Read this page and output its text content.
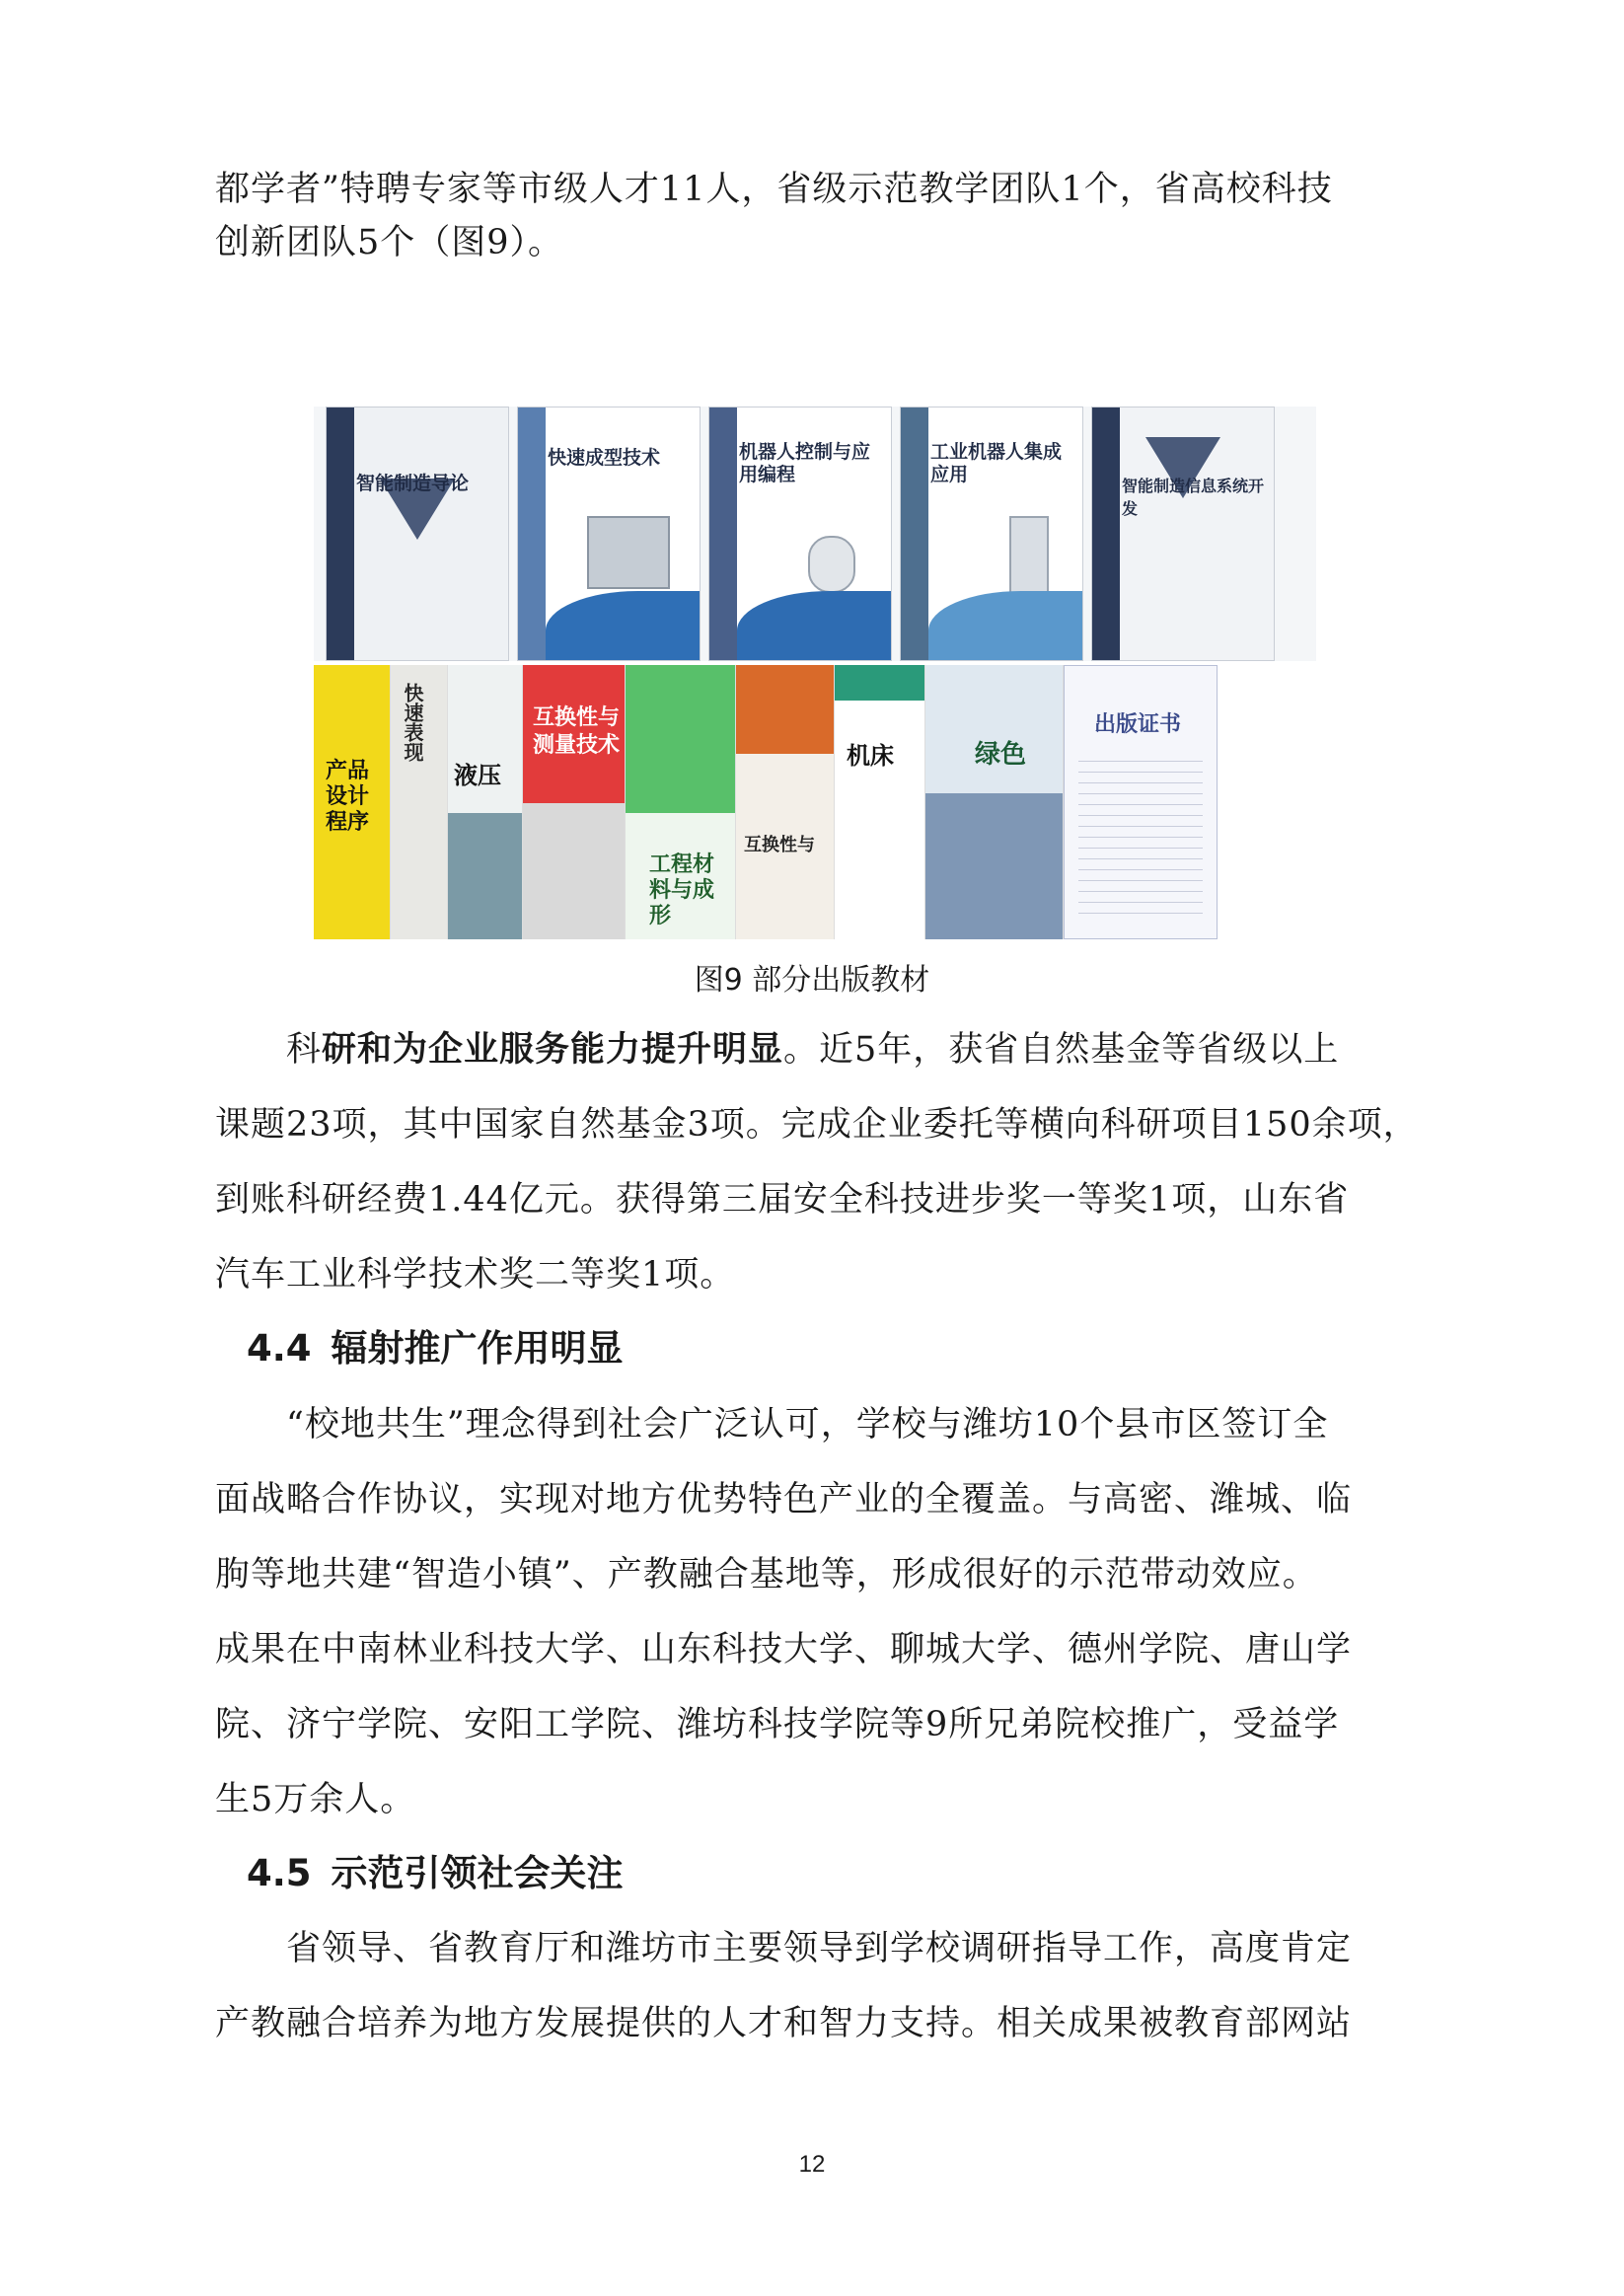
都学者”特聘专家等市级人才11人，省级示范教学团队1个，省高校科技
创新团队5个（图9）。
智能制造导论
快速成型技术	机器人控制与应用编程
工业机器人集成应用
智能制造信息系统开发
产品设计程序
快速表现
液压
互换性与测量技术
工程材料与成形
互换性与
机床	绿色
出版证书
图9 部分出版教材
科研和为企业服务能力提升明显。近5年，获省自然基金等省级以上
课题23项，其中国家自然基金3项。完成企业委托等横向科研项目150余项，
到账科研经费1.44亿元。获得第三届安全科技进步奖一等奖1项，山东省
汽车工业科学技术奖二等奖1项。
4.4 辐射推广作用明显
“校地共生”理念得到社会广泛认可，学校与潍坊10个县市区签订全
面战略合作协议，实现对地方优势特色产业的全覆盖。与高密、潍城、临
朐等地共建“智造小镇”、产教融合基地等，形成很好的示范带动效应。
成果在中南林业科技大学、山东科技大学、聊城大学、德州学院、唐山学
院、济宁学院、安阳工学院、潍坊科技学院等9所兄弟院校推广，受益学
生5万余人。
4.5 示范引领社会关注
省领导、省教育厅和潍坊市主要领导到学校调研指导工作，高度肯定
产教融合培养为地方发展提供的人才和智力支持。相关成果被教育部网站
12
